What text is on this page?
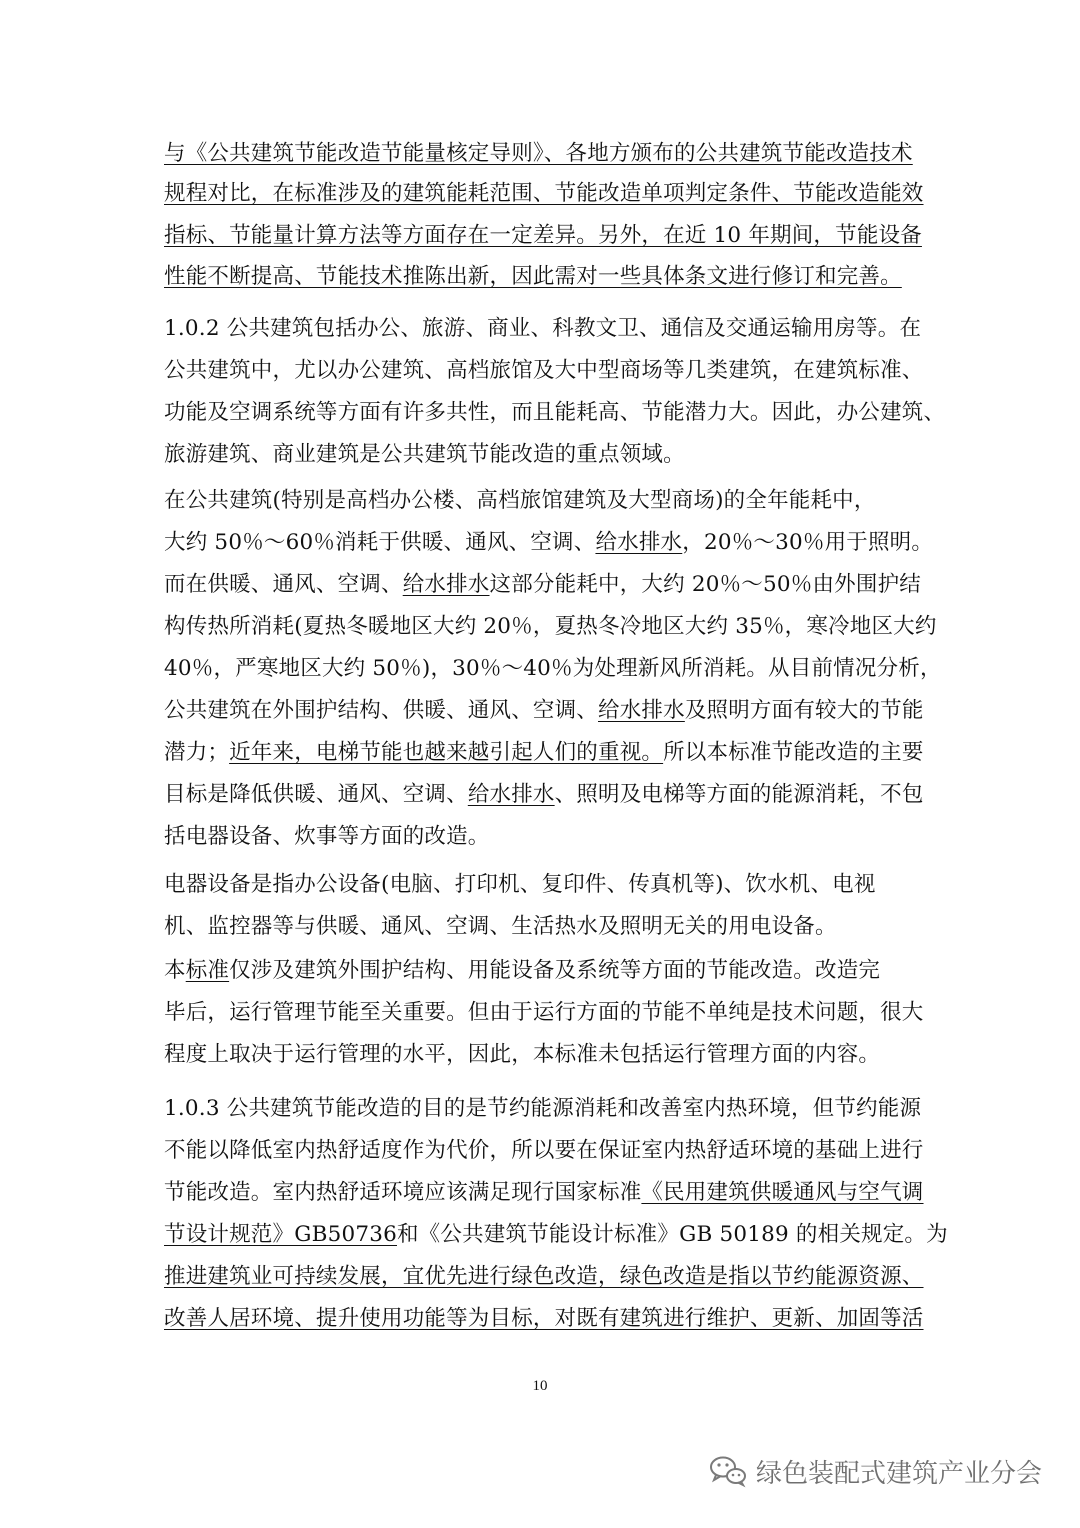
与《公共建筑节能改造节能量核定导则》、各地方颁布的公共建筑节能改造技术
规程对比，在标准涉及的建筑能耗范围、节能改造单项判定条件、节能改造能效
指标、节能量计算方法等方面存在一定差异。另外，在近 10 年期间，节能设备
性能不断提高、节能技术推陈出新，因此需对一些具体条文进行修订和完善。
1.0.2 公共建筑包括办公、旅游、商业、科教文卫、通信及交通运输用房等。在
公共建筑中，尤以办公建筑、高档旅馆及大中型商场等几类建筑，在建筑标准、
功能及空调系统等方面有许多共性，而且能耗高、节能潜力大。因此，办公建筑、
旅游建筑、商业建筑是公共建筑节能改造的重点领域。
在公共建筑(特别是高档办公楼、高档旅馆建筑及大型商场)的全年能耗中，
大约 50％～60％消耗于供暖、通风、空调、给水排水，20％～30％用于照明。
而在供暖、通风、空调、给水排水这部分能耗中，大约 20％～50％由外围护结
构传热所消耗(夏热冬暖地区大约 20％，夏热冬冷地区大约 35％，寒冷地区大约
40％，严寒地区大约 50％)，30％～40％为处理新风所消耗。从目前情况分析，
公共建筑在外围护结构、供暖、通风、空调、给水排水及照明方面有较大的节能
潜力；近年来，电梯节能也越来越引起人们的重视。所以本标准节能改造的主要
目标是降低供暖、通风、空调、给水排水、照明及电梯等方面的能源消耗，不包
括电器设备、炊事等方面的改造。
电器设备是指办公设备(电脑、打印机、复印件、传真机等)、饮水机、电视
机、监控器等与供暖、通风、空调、生活热水及照明无关的用电设备。
本标准仅涉及建筑外围护结构、用能设备及系统等方面的节能改造。改造完
毕后，运行管理节能至关重要。但由于运行方面的节能不单纯是技术问题，很大
程度上取决于运行管理的水平，因此，本标准未包括运行管理方面的内容。
1.0.3 公共建筑节能改造的目的是节约能源消耗和改善室内热环境，但节约能源
不能以降低室内热舒适度作为代价，所以要在保证室内热舒适环境的基础上进行
节能改造。室内热舒适环境应该满足现行国家标准《民用建筑供暖通风与空气调
节设计规范》GB50736和《公共建筑节能设计标准》GB 50189 的相关规定。为
推进建筑业可持续发展，宜优先进行绿色改造，绿色改造是指以节约能源资源、
改善人居环境、提升使用功能等为目标，对既有建筑进行维护、更新、加固等活
10
绿色装配式建筑产业分会
